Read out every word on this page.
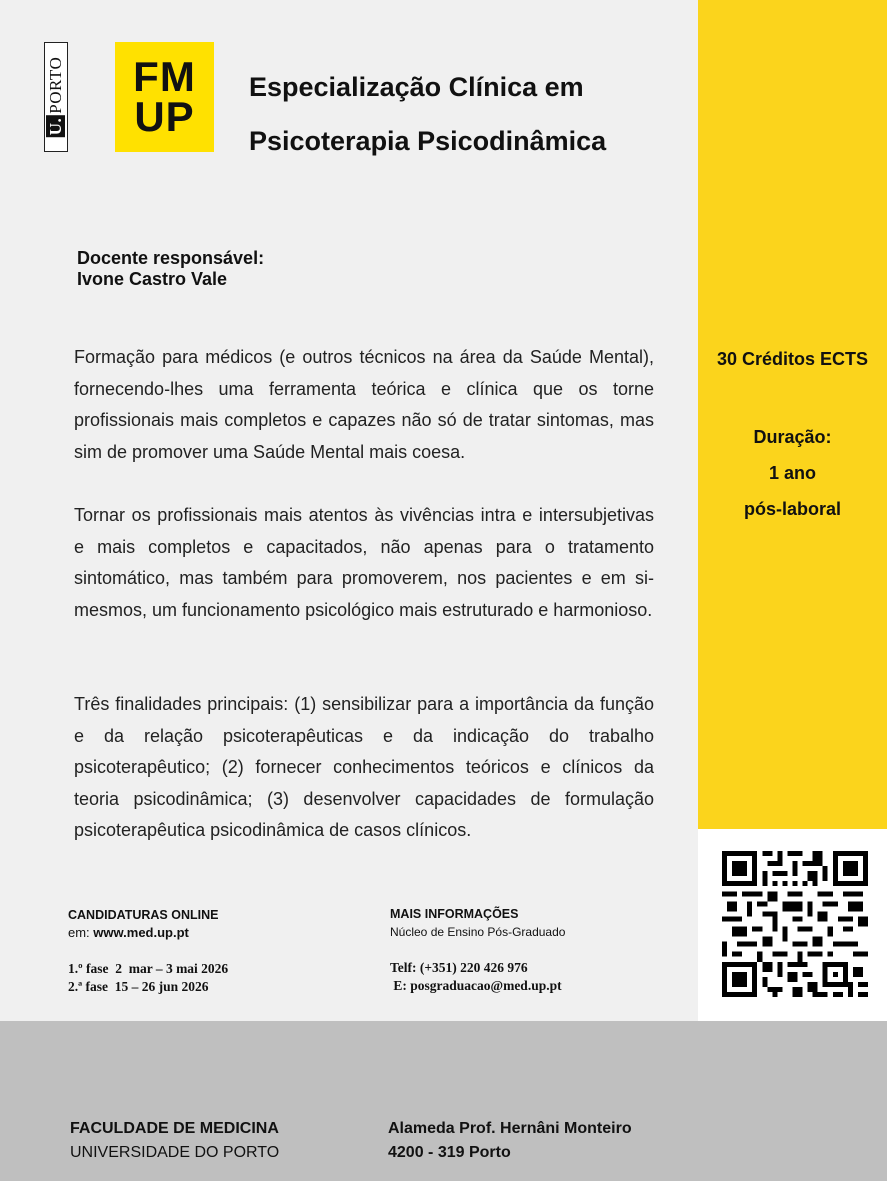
U.PORTO FM
UP
Especialização Clínica em
Psicoterapia Psicodinâmica
Docente responsável:
Ivone Castro Vale
Formação para médicos (e outros técnicos na área da Saúde Mental), fornecendo-lhes uma ferramenta teórica e clínica que os torne profissionais mais completos e capazes não só de tratar sintomas, mas sim de promover uma Saúde Mental mais coesa.
Tornar os profissionais mais atentos às vivências intra e intersubjetivas e mais completos e capacitados, não apenas para o tratamento sintomático, mas também para promoverem, nos pacientes e em si-mesmos, um funcionamento psicológico mais estruturado e harmonioso.
Três finalidades principais: (1) sensibilizar para a importância da função e da relação psicoterapêuticas e da indicação do trabalho psicoterapêutico; (2) fornecer conhecimentos teóricos e clínicos da teoria psicodinâmica; (3) desenvolver capacidades de formulação psicoterapêutica psicodinâmica de casos clínicos.
CANDIDATURAS ONLINE
em: www.med.up.pt
1.º fase  2  mar – 3 mai 2026
2.ª fase  15 – 26 jun 2026
MAIS INFORMAÇÕES
Núcleo de Ensino Pós-Graduado
Telf: (+351) 220 426 976
E: posgraduacao@med.up.pt
30 Créditos ECTS
Duração:
1 ano
pós-laboral
FACULDADE DE MEDICINA
UNIVERSIDADE DO PORTO
Alameda Prof. Hernâni Monteiro
4200 - 319 Porto
